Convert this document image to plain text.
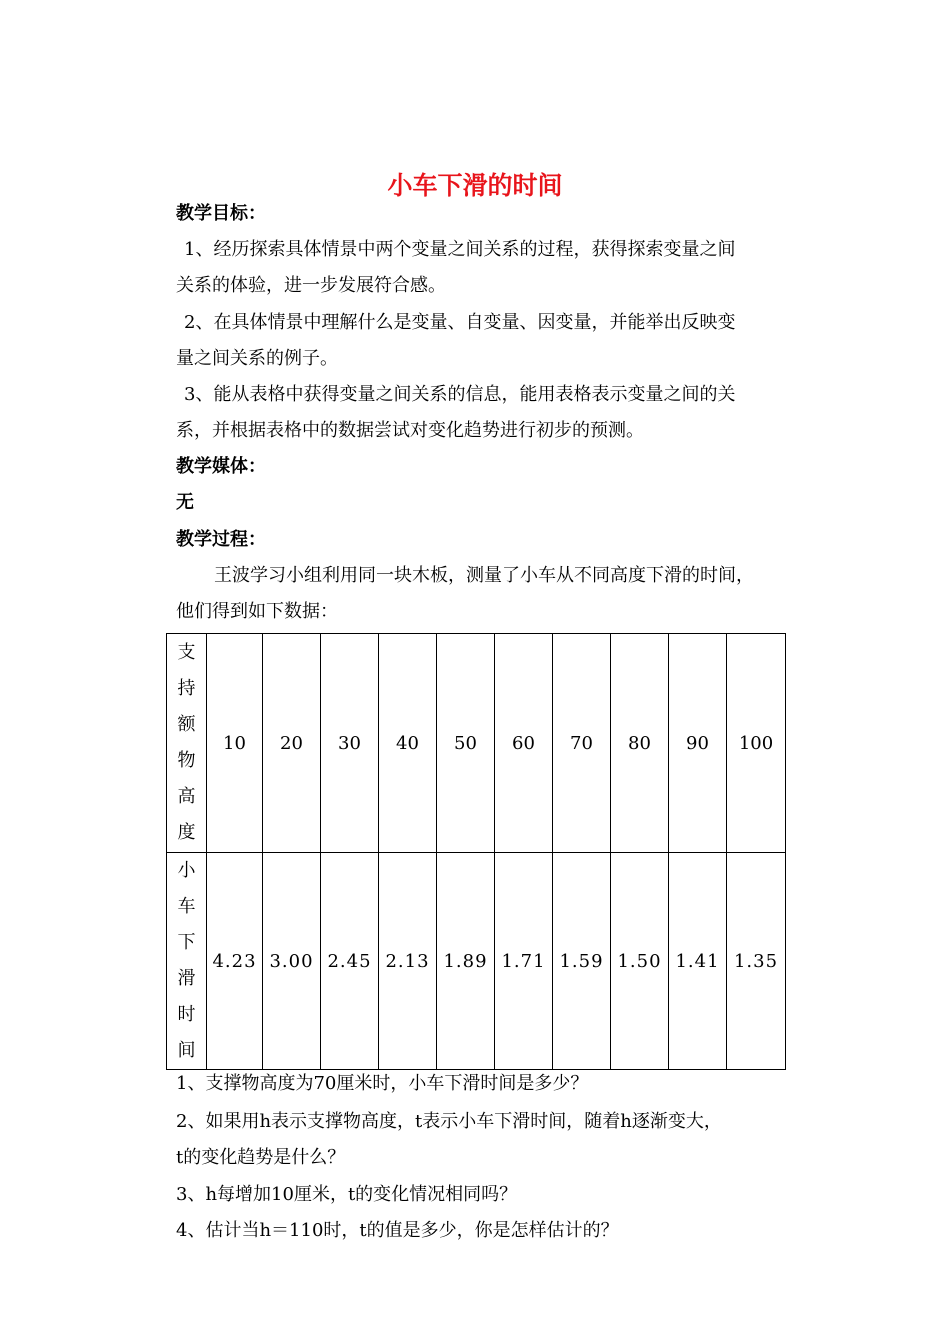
小车下滑的时间
教学目标：
1、经历探索具体情景中两个变量之间关系的过程，获得探索变量之间
关系的体验，进一步发展符合感。
2、在具体情景中理解什么是变量、自变量、因变量，并能举出反映变
量之间关系的例子。
3、能从表格中获得变量之间关系的信息，能用表格表示变量之间的关
系，并根据表格中的数据尝试对变化趋势进行初步的预测。
教学媒体：
无
教学过程：
王波学习小组利用同一块木板，测量了小车从不同高度下滑的时间，
他们得到如下数据：
支持额物高度	10	20	30	40	50	60	70	80	90	100

小车下滑时间	4.23	3.00	2.45	2.13	1.89	1.71	1.59	1.50	1.41	1.35
1、支撑物高度为70厘米时，小车下滑时间是多少？
2、如果用h表示支撑物高度，t表示小车下滑时间，随着h逐渐变大，
t的变化趋势是什么？
3、h每增加10厘米，t的变化情况相同吗？
4、估计当h＝110时，t的值是多少，你是怎样估计的？
